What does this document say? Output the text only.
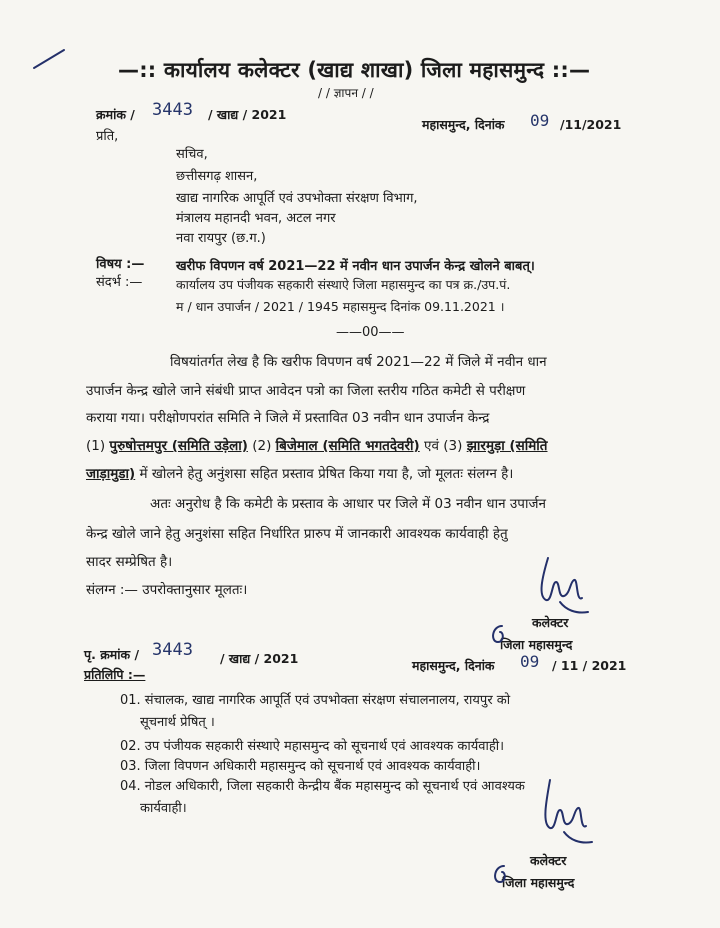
—:: कार्यालय कलेक्टर (खाद्य शाखा) जिला महासमुन्द ::—
/ / ज्ञापन / /
क्रमांक / 3443 / खाद्य / 2021
महासमुन्द, दिनांक 09 /11/2021
प्रति,
सचिव,
छत्तीसगढ़ शासन,
खाद्य नागरिक आपूर्ति एवं उपभोक्ता संरक्षण विभाग,
मंत्रालय महानदी भवन, अटल नगर
नवा रायपुर (छ.ग.)
विषय :— खरीफ विपणन वर्ष 2021—22 में नवीन धान उपार्जन केन्द्र खोलने बाबत्।
संदर्भ :—	कार्यालय उप पंजीयक सहकारी संस्थाऐ जिला महासमुन्द का पत्र क्र./उप.पं.
म / धान उपार्जन / 2021 / 1945 महासमुन्द दिनांक 09.11.2021 ।
——00——
विषयांतर्गत लेख है कि खरीफ विपणन वर्ष 2021—22 में जिले में नवीन धान
उपार्जन केन्द्र खोले जाने संबंधी प्राप्त आवेदन पत्रो का जिला स्तरीय गठित कमेटी से परीक्षण
कराया गया। परीक्षोणपरांत समिति ने जिले में प्रस्तावित 03 नवीन धान उपार्जन केन्द्र
(1) पुरुषोत्तमपुर (समिति उड़ेला) (2) बिजेमाल (समिति भगतदेवरी) एवं (3) झारमुड़ा (समिति
जाड़ामुडा) में खोलने हेतु अनुंशसा सहित प्रस्ताव प्रेषित किया गया है, जो मूलतः संलग्न है।
अतः अनुरोध है कि कमेटी के प्रस्ताव के आधार पर जिले में 03 नवीन धान उपार्जन
केन्द्र खोले जाने हेतु अनुशंसा सहित निर्धारित प्रारुप में जानकारी आवश्यक कार्यवाही हेतु
सादर सम्प्रेषित है।
संलग्न :— उपरोक्तानुसार मूलतः।
कलेक्टर
जिला महासमुन्द
पृ. क्रमांक / 3443 / खाद्य / 2021	महासमुन्द, दिनांक 09 / 11 / 2021
प्रतिलिपि :—
01. संचालक, खाद्य नागरिक आपूर्ति एवं उपभोक्ता संरक्षण संचालनालय, रायपुर को
सूचनार्थ प्रेषित् ।
02. उप पंजीयक सहकारी संस्थाऐ महासमुन्द को सूचनार्थ एवं आवश्यक कार्यवाही।
03. जिला विपणन अधिकारी महासमुन्द को सूचनार्थ एवं आवश्यक कार्यवाही।
04. नोडल अधिकारी, जिला सहकारी केन्द्रीय बैंक महासमुन्द को सूचनार्थ एवं आवश्यक
कार्यवाही।
कलेक्टर
जिला महासमुन्द
